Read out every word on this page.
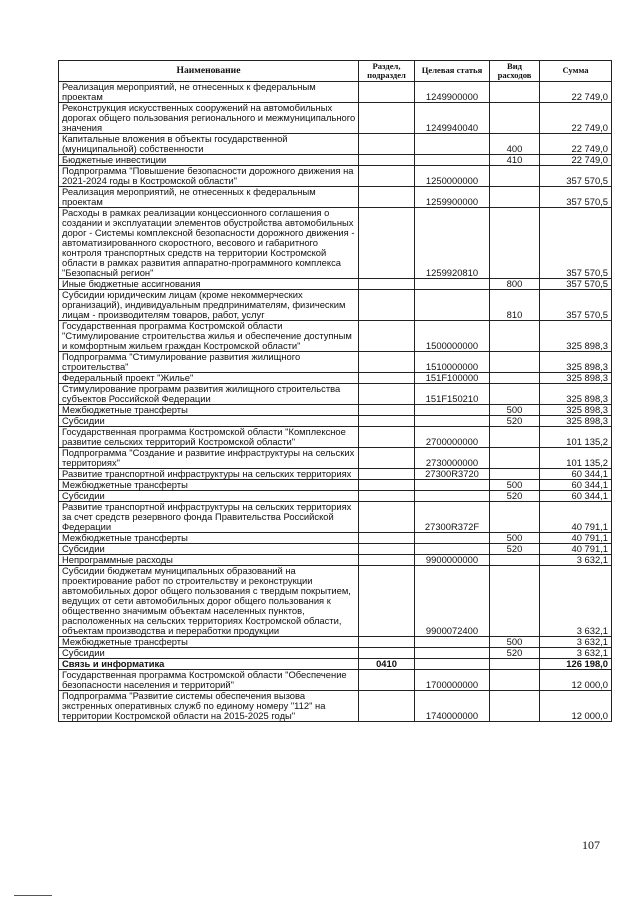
Наименование	Раздел, подраздел	Целевая статья	Вид расходов	Сумма
Реализация мероприятий, не отнесенных к федеральным проектам		1249900000		22 749,0
Реконструкция искусственных сооружений на автомобильных дорогах общего пользования регионального и межмуниципального значения		1249940040		22 749,0
Капитальные вложения в объекты государственной (муниципальной) собственности			400	22 749,0
Бюджетные инвестиции			410	22 749,0
Подпрограмма "Повышение безопасности дорожного движения на 2021-2024 годы в Костромской области"		1250000000		357 570,5
Реализация мероприятий, не отнесенных к федеральным проектам		1259900000		357 570,5
Расходы в рамках реализации концессионного соглашения о создании и эксплуатации элементов обустройства автомобильных дорог - Системы комплексной безопасности дорожного движения - автоматизированного скоростного, весового и габаритного контроля транспортных средств на территории Костромской области в рамках развития аппаратно-программного комплекса "Безопасный регион"		1259920810		357 570,5
Иные бюджетные ассигнования			800	357 570,5
Субсидии юридическим лицам (кроме некоммерческих организаций), индивидуальным предпринимателям, физическим лицам - производителям товаров, работ, услуг			810	357 570,5
Государственная программа Костромской области "Стимулирование строительства жилья и обеспечение доступным и комфортным жильем граждан Костромской области"		1500000000		325 898,3
Подпрограмма "Стимулирование развития жилищного строительства"		1510000000		325 898,3
Федеральный проект "Жилье"		151F100000		325 898,3
Стимулирование программ развития жилищного строительства субъектов Российской Федерации		151F150210		325 898,3
Межбюджетные трансферты			500	325 898,3
Субсидии			520	325 898,3
Государственная программа Костромской области "Комплексное развитие сельских территорий Костромской области"		2700000000		101 135,2
Подпрограмма "Создание и развитие инфраструктуры на сельских территориях"		2730000000		101 135,2
Развитие транспортной инфраструктуры на сельских территориях		27300R3720		60 344,1
Межбюджетные трансферты			500	60 344,1
Субсидии			520	60 344,1
Развитие транспортной инфраструктуры на сельских территориях за счет средств резервного фонда Правительства Российской Федерации		27300R372F		40 791,1
Межбюджетные трансферты			500	40 791,1
Субсидии			520	40 791,1
Непрограммные расходы		9900000000		3 632,1
Субсидии бюджетам муниципальных образований на проектирование работ по строительству и реконструкции автомобильных дорог общего пользования с твердым покрытием, ведущих от сети автомобильных дорог общего пользования к общественно значимым объектам населенных пунктов, расположенных на сельских территориях Костромской области, объектам производства и переработки продукции		9900072400		3 632,1
Межбюджетные трансферты			500	3 632,1
Субсидии			520	3 632,1
Связь и информатика	0410			126 198,0
Государственная программа Костромской области "Обеспечение безопасности населения и территорий"		1700000000		12 000,0
Подпрограмма "Развитие системы обеспечения вызова экстренных оперативных служб по единому номеру "112" на территории Костромской области на 2015-2025 годы"		1740000000		12 000,0
107
